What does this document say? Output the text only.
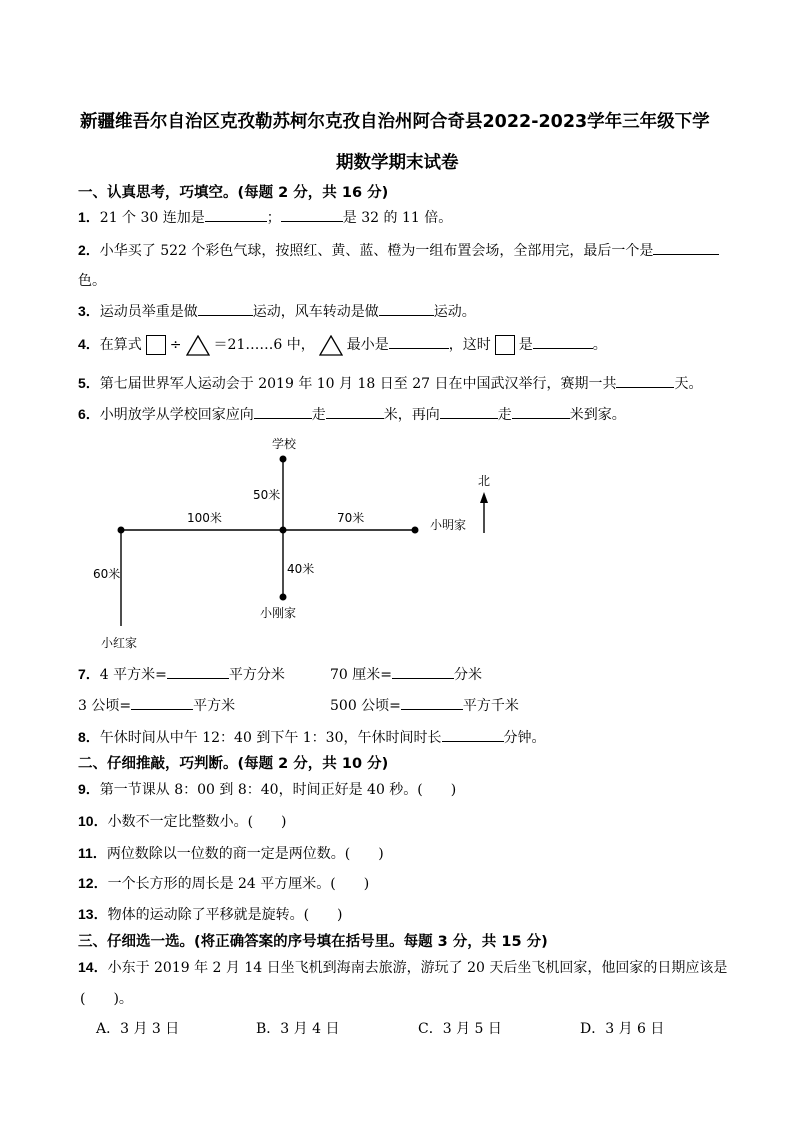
新疆维吾尔自治区克孜勒苏柯尔克孜自治州阿合奇县2022-2023学年三年级下学
期数学期末试卷
一、认真思考，巧填空。(每题 2 分，共 16 分)
1．21 个 30 连加是	；	是 32 的 11 倍。
2．小华买了 522 个彩色气球，按照红、黄、蓝、橙为一组布置会场，全部用完，最后一个是
色。
3．运动员举重是做	运动，风车转动是做	运动。
4．在算式 ÷ ＝21……6 中， 最小是	，这时 是	。
5．第七届世界军人运动会于 2019 年 10 月 18 日至 27 日在中国武汉举行，赛期一共	天。
6．小明放学从学校回家应向	走	米，再向	走	米到家。
学校
北
50米
100米	70米	小明家
40米
60米
小刚家
小红家
7．4 平方米=	平方分米	70 厘米=	分米
3 公顷=	平方米	500 公顷=	平方千米
8．午休时间从中午 12：40 到下午 1：30，午休时间时长	分钟。
二、仔细推敲，巧判断。(每题 2 分，共 10 分)
9．第一节课从 8：00 到 8：40，时间正好是 40 秒。(　　)
10．小数不一定比整数小。(　　)
11．两位数除以一位数的商一定是两位数。(　　)
12．一个长方形的周长是 24 平方厘米。(　　)
13．物体的运动除了平移就是旋转。(　　)
三、仔细选一选。(将正确答案的序号填在括号里。每题 3 分，共 15 分)
14．小东于 2019 年 2 月 14 日坐飞机到海南去旅游，游玩了 20 天后坐飞机回家，他回家的日期应该是
(　　)。
A．3 月 3 日	B．3 月 4 日	C．3 月 5 日	D．3 月 6 日
